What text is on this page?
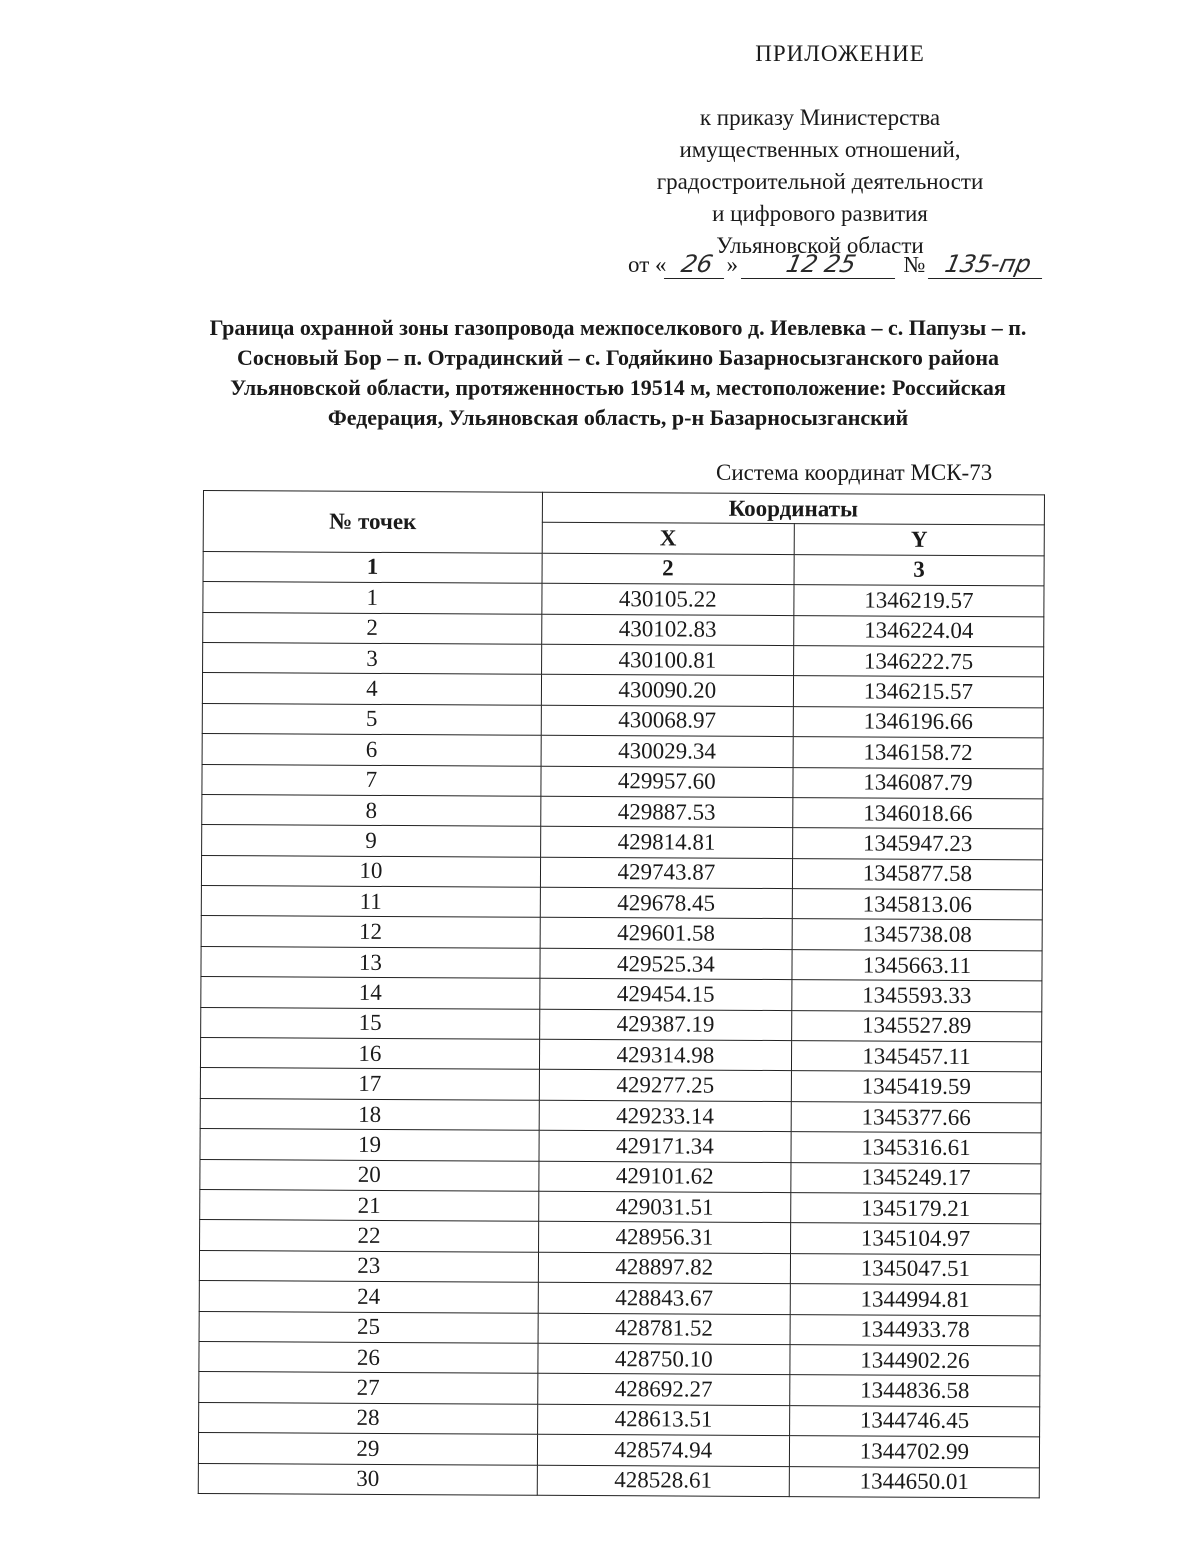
ПРИЛОЖЕНИЕ
к приказу Министерства
имущественных отношений,
градостроительной деятельности
и цифрового развития
Ульяновской области
от « 26 » 12 25 № 135-пр
Граница охранной зоны газопровода межпоселкового д. Иевлевка – с. Папузы – п. Сосновый Бор – п. Отрадинский – с. Годяйкино Базарносызганского района Ульяновской области, протяженностью 19514 м, местоположение: Российская Федерация, Ульяновская область, р-н Базарносызганский
Система координат МСК-73
№ точек	Координаты	
	X	Y
1	2	3
1	430105.22	1346219.57
2	430102.83	1346224.04
3	430100.81	1346222.75
4	430090.20	1346215.57
5	430068.97	1346196.66
6	430029.34	1346158.72
7	429957.60	1346087.79
8	429887.53	1346018.66
9	429814.81	1345947.23
10	429743.87	1345877.58
11	429678.45	1345813.06
12	429601.58	1345738.08
13	429525.34	1345663.11
14	429454.15	1345593.33
15	429387.19	1345527.89
16	429314.98	1345457.11
17	429277.25	1345419.59
18	429233.14	1345377.66
19	429171.34	1345316.61
20	429101.62	1345249.17
21	429031.51	1345179.21
22	428956.31	1345104.97
23	428897.82	1345047.51
24	428843.67	1344994.81
25	428781.52	1344933.78
26	428750.10	1344902.26
27	428692.27	1344836.58
28	428613.51	1344746.45
29	428574.94	1344702.99
30	428528.61	1344650.01
